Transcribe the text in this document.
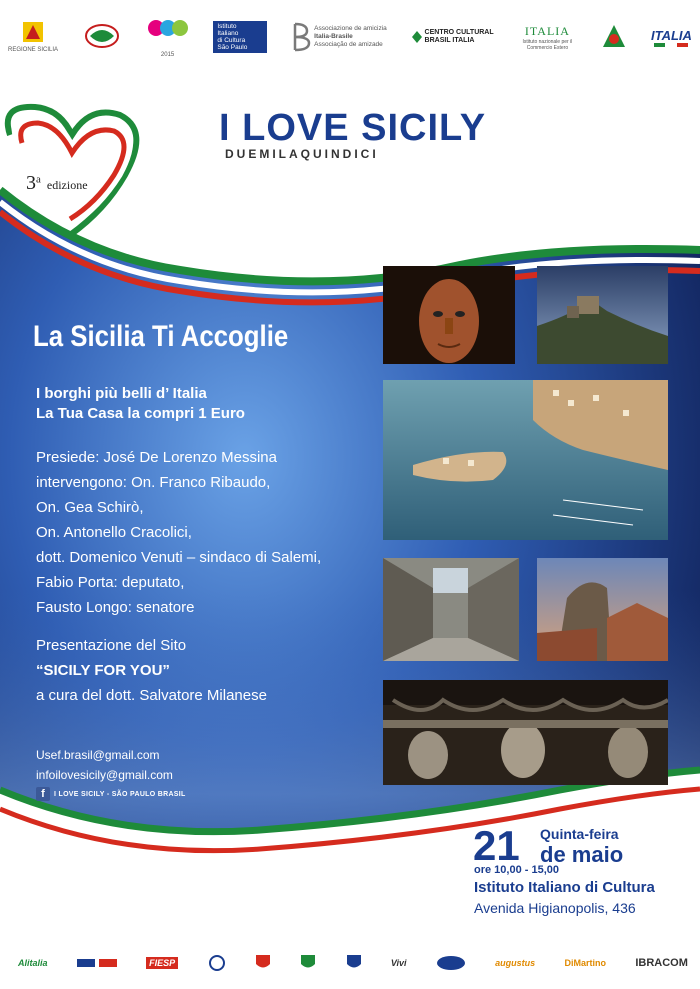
REGIONE SICILIA
2015
Istituto
Italiano
di Cultura
São Paulo
Associazione de amicizia
Italia-Brasile
Associação de amizade
CENTRO CULTURAL
BRASIL ITALIA
ITALIA
Istituto nazionale per il Commercio Estero
ITALIA
I LOVE SICILY
DUEMILAQUINDICI
3$^a$ edizione
La Sicilia Ti Accoglie
I borghi più belli d’ Italia
La Tua Casa la compri 1 Euro
Presiede: José De Lorenzo Messina
intervengono: On. Franco Ribaudo,
On. Gea Schirò,
On. Antonello Cracolici,
dott. Domenico Venuti – sindaco di Salemi,
Fabio Porta: deputato,
Fausto Longo: senatore
Presentazione del Sito
“SICILY FOR YOU”
a cura del dott. Salvatore Milanese
Usef.brasil@gmail.com
infoilovesicily@gmail.com
f	I LOVE SICILY - SÃO PAULO BRASIL
21 Quinta-feira
de maio
ore 10,00 - 15,00
Istituto Italiano di Cultura
Avenida Higianopolis, 436
Alitalia	FIESP	Vivi	augustus	DiMartino	IBRACOM
